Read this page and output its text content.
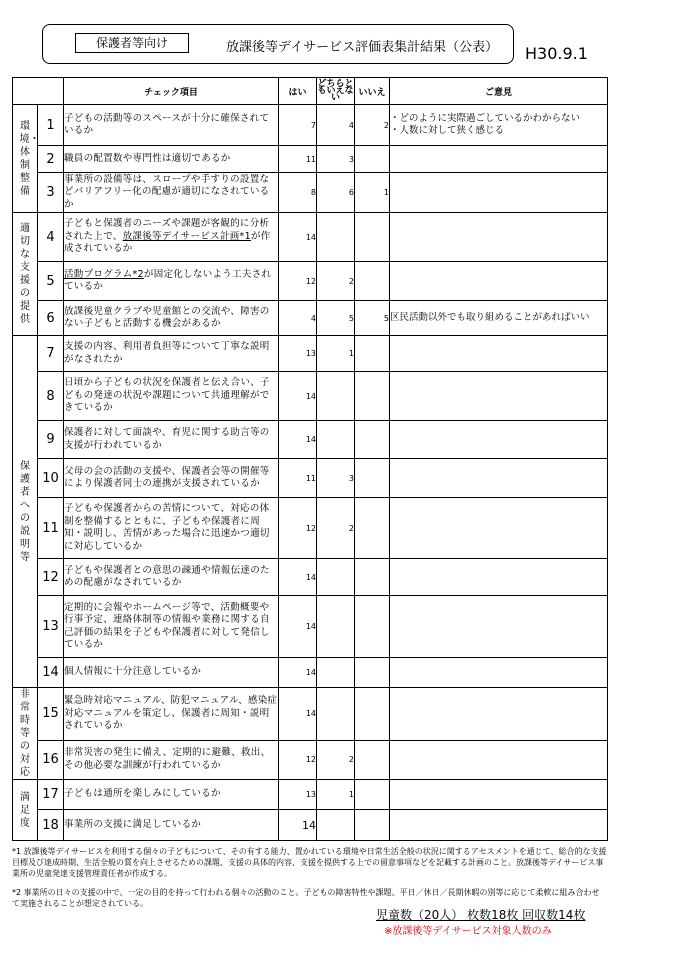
保護者等向け	放課後等デイサービス評価表集計結果（公表） H30.9.1
		チェック項目	はい	どちらともいえない	いいえ	ご意見
環境・体制整備	1	子どもの活動等のスペースが十分に確保されているか	7	4	2	・どのように実際過ごしているかわからない
・人数に対して狭く感じる
	2	職員の配置数や専門性は適切であるか	11	3		
	3	事業所の設備等は、スロープや手すりの設置などバリアフリー化の配慮が適切になされているか	8	6	1	
適切な支援の提供	4	子どもと保護者のニーズや課題が客観的に分析された上で、放課後等デイサービス計画*1が作成されているか	14			
	5	活動プログラム*2が固定化しないよう工夫されているか	12	2		
	6	放課後児童クラブや児童館との交流や、障害のない子どもと活動する機会があるか	4	5	5	区民活動以外でも取り組めることがあればいい
保護者への説明等	7	支援の内容、利用者負担等について丁寧な説明がなされたか	13	1		
	8	日頃から子どもの状況を保護者と伝え合い、子どもの発達の状況や課題について共通理解ができているか	14			
	9	保護者に対して面談や、育児に関する助言等の支援が行われているか	14			
	10	父母の会の活動の支援や、保護者会等の開催等により保護者同士の連携が支援されているか	11	3		
	11	子どもや保護者からの苦情について、対応の体制を整備するとともに、子どもや保護者に周知・説明し、苦情があった場合に迅速かつ適切に対応しているか	12	2		
	12	子どもや保護者との意思の疎通や情報伝達のための配慮がなされているか	14			
	13	定期的に会報やホームページ等で、活動概要や行事予定、連絡体制等の情報や業務に関する自己評価の結果を子どもや保護者に対して発信しているか	14			
	14	個人情報に十分注意しているか	14			
非常時等の対応	15	緊急時対応マニュアル、防犯マニュアル、感染症対応マニュアルを策定し、保護者に周知・説明されているか	14			
	16	非常災害の発生に備え、定期的に避難、救出、その他必要な訓練が行われているか	12	2		
満足度	17	子どもは通所を楽しみにしているか	13	1		
	18	事業所の支援に満足しているか	14			
*1 放課後等デイサービスを利用する個々の子どもについて、その有する能力、置かれている環境や日常生活全般の状況に関するアセスメントを通じて、総合的な支援目標及び達成時期、生活全般の質を向上させるための課題、支援の具体的内容、支援を提供する上での留意事項などを記載する計画のこと。放課後等デイサービス事業所の児童発達支援管理責任者が作成する。
*2 事業所の日々の支援の中で、一定の目的を持って行われる個々の活動のこと。子どもの障害特性や課題、平日／休日／長期休暇の別等に応じて柔軟に組み合わせて実施されることが想定されている。
児童数（20人） 枚数18枚 回収数14枚
※放課後等デイサービス対象人数のみ
